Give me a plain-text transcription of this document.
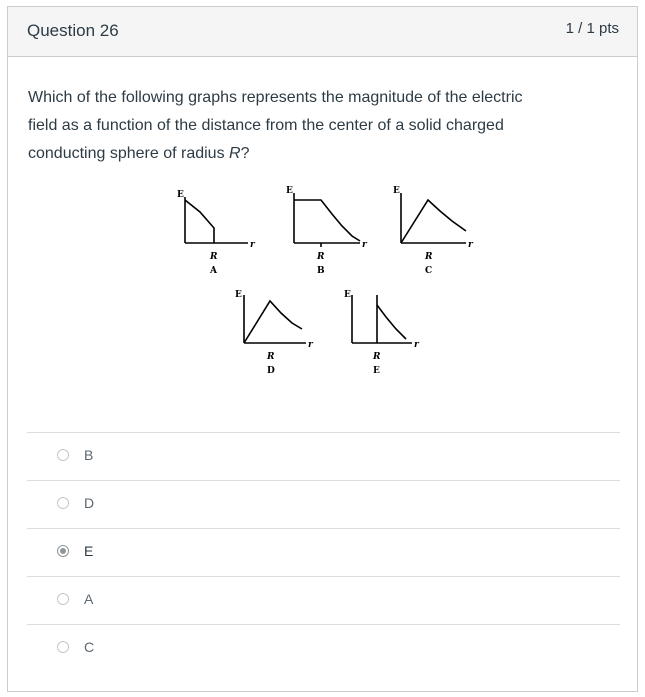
Question 26	1 / 1 pts
Which of the following graphs represents the magnitude of the electric
field as a function of the distance from the center of a solid charged
conducting sphere of radius R?
E
r
R
A
E
r
R
B
E
r
R
C
E
r
R
D
E
r
R
E
B
D
E
A
C
